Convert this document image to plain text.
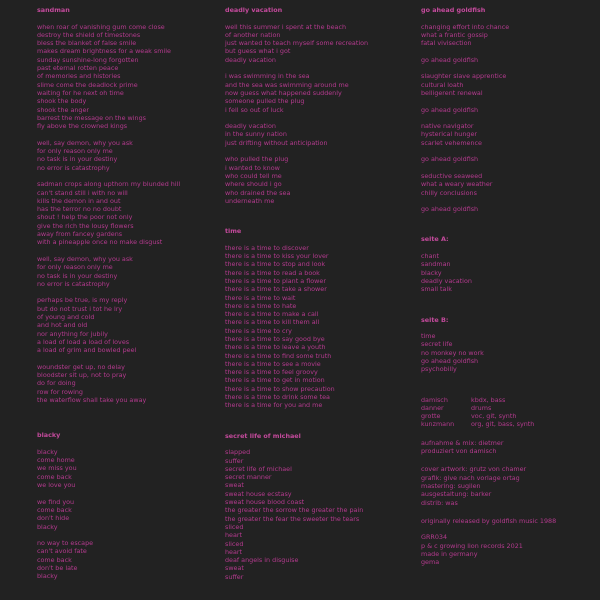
sandman
when roar of vanishing gum come close
destroy the shield of timestones
bless the blanket of false smile
makes dream brightness for a weak smile
sunday sunshine-long forgotten
past eternal rotten peace
of memories and histories
slime come the deadlock prime
waiting for he next oh time
shook the body
shook the anger
barrest the message on the wings
fly above the crowned kings
well, say demon, why you ask
for only reason only me
no task is in your destiny
no error is catastrophy
sadman crops along upthorn my blunded hill
can't stand still i with no will
kills the demon in and out
has the terror no no doubt
shout ! help the poor not only
give the rich the lousy flowers
away from fancey gardens
with a pineapple once no make disgust
well, say demon, why you ask
for only reason only me
no task is in your destiny
no error is catastrophy
perhaps be true, is my reply
but do not trust i tot he lry
of young and cold
and hot and old
nor anything for jubily
a load of load a load of loves
a load of grim and bowled peel
woundster get up, no delay
bloodster sit up, not to pray
do for doing
row for rowing
the waterflow shall take you away
blacky
blacky
come home
we miss you
come back
we love you
we find you
come back
don't hide
blacky
no way to escape
can't avoid fate
come back
don't be late
blacky
deadly vacation
well this summer i spent at the beach
of another nation
just wanted to teach myself some recreation
but guess what i got
deadly vacation
i was swimming in the sea
and the sea was swimming around me
now guess what happened suddenly
someone pulled the plug
i fell so out of luck
deadly vacation
in the sunny nation
just drifting without anticipation
who pulled the plug
i wanted to know
who could tell me
where should i go
who drained the sea
underneath me
time
there is a time to discover
there is a time to kiss your lover
there is a time to stop and look
there is a time to read a book
there is a time to plant a flower
there is a time to take a shower
there is a time to wait
there is a time to hate
there is a time to make a call
there is a time to kill them all
there is a time to cry
there is a time to say good bye
there is a time to leave a youth
there is a time to find some truth
there is a time to see a movie
there is a time to feel groovy
there is a time to get in motion
there is a time to show precaution
there is a time to drink some tea
there is a time for you and me
secret life of michael
slapped
suffer
secret life of michael
secret manner
sweat
sweat house ecstasy
sweat house blood coast
the greater the sorrow the greater the pain
the greater the fear the sweeter the tears
sliced
heart
sliced
heart
deaf angels in disguise
sweat
suffer
go ahead goldfish
changing effort into chance
what a frantic gossip
fatal vivisection
go ahead goldfish
slaughter slave apprentice
cultural loath
belligerent renewal
go ahead goldfish
native navigator
hysterical hunger
scarlet vehemence
go ahead goldfish
seductive seaweed
what a weary weather
chilly conclusions
go ahead goldfish
seite A:
chant
sandman
blacky
deadly vacation
small talk
seite B:
time
secret life
no monkey no work
go ahead goldfish
psychobilly
damisch	kbdx, bass
danner	drums
grotte	voc, git, synth
kunzmann	org, git, bass, synth
aufnahme & mix: dietmer
produziert von damisch
cover artwork: grutz von chamer
grafik: give nach vorlage ortag
mastering: sugilen
ausgestaltung: barker
distrib: was
originally released by goldfish music 1988
GRR034
p & c growing lion records 2021
made in germany
gema
